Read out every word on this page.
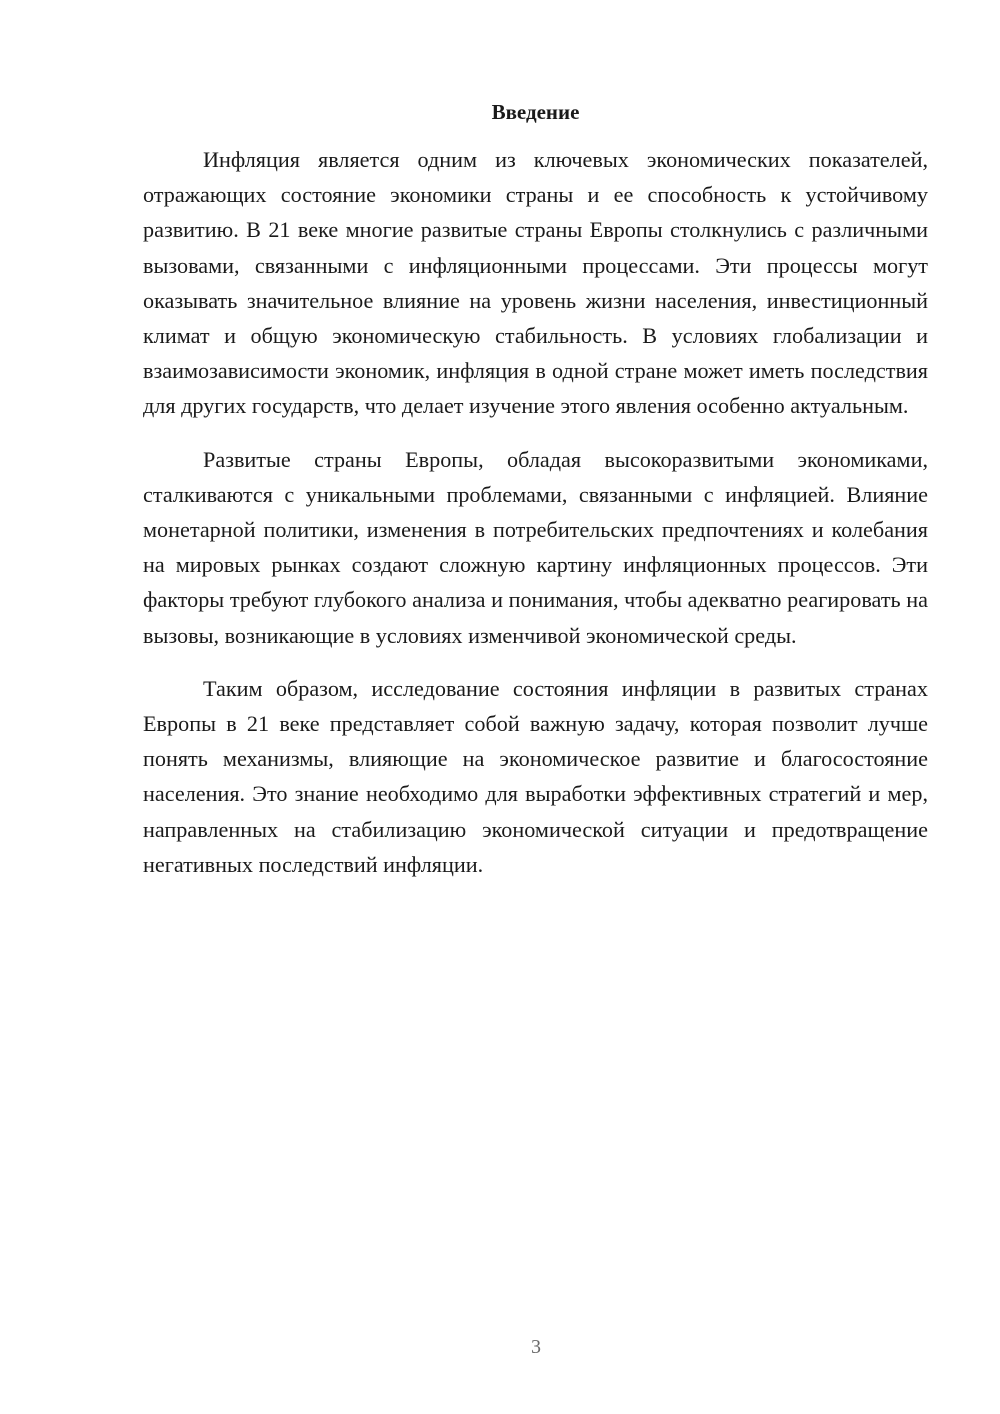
Введение

Инфляция является одним из ключевых экономических показателей, отражающих состояние экономики страны и ее способность к устойчивому развитию. В 21 веке многие развитые страны Европы столкнулись с различными вызовами, связанными с инфляционными процессами. Эти процессы могут оказывать значительное влияние на уровень жизни населения, инвестиционный климат и общую экономическую стабильность. В условиях глобализации и взаимозависимости экономик, инфляция в одной стране может иметь последствия для других государств, что делает изучение этого явления особенно актуальным.

Развитые страны Европы, обладая высокоразвитыми экономиками, сталкиваются с уникальными проблемами, связанными с инфляцией. Влияние монетарной политики, изменения в потребительских предпочтениях и колебания на мировых рынках создают сложную картину инфляционных процессов. Эти факторы требуют глубокого анализа и понимания, чтобы адекватно реагировать на вызовы, возникающие в условиях изменчивой экономической среды.

Таким образом, исследование состояния инфляции в развитых странах Европы в 21 веке представляет собой важную задачу, которая позволит лучше понять механизмы, влияющие на экономическое развитие и благосостояние населения. Это знание необходимо для выработки эффективных стратегий и мер, направленных на стабилизацию экономической ситуации и предотвращение негативных последствий инфляции.

3
